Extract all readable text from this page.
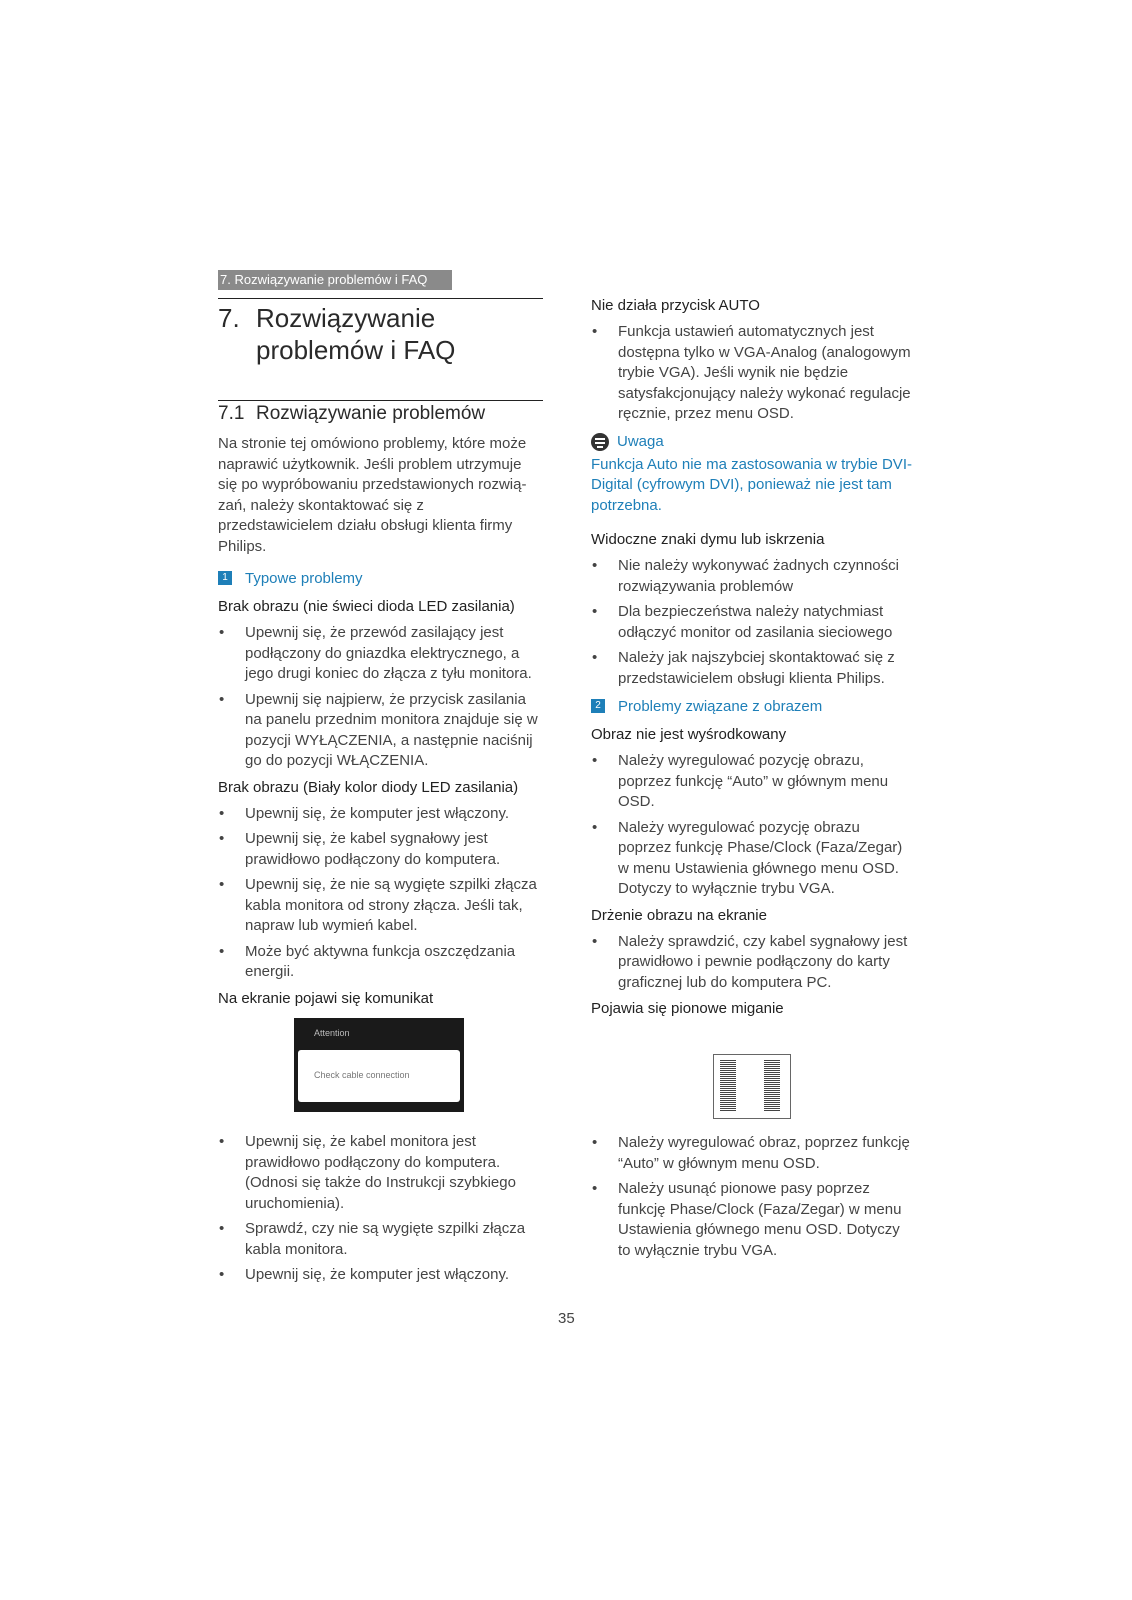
7. Rozwiązywanie problemów i FAQ
7. Rozwiązywanie
problemów i FAQ
7.1 Rozwiązywanie problemów

Na stronie tej omówiono problemy, które może naprawić użytkownik. Jeśli problem utrzymuje się po wypróbowaniu przedstawionych rozwią-zań, należy skontaktować się z przedstawicielem działu obsługi klienta firmy Philips.

1 Typowe problemy
Brak obrazu (nie świeci dioda LED zasilania)
• Upewnij się, że przewód zasilający jest podłączony do gniazdka elektrycznego, a jego drugi koniec do złącza z tyłu monitora.
• Upewnij się najpierw, że przycisk zasilania na panelu przednim monitora znajduje się w pozycji WYŁĄCZENIA, a następnie naciśnij go do pozycji WŁĄCZENIA.
Brak obrazu (Biały kolor diody LED zasilania)
• Upewnij się, że komputer jest włączony.
• Upewnij się, że kabel sygnałowy jest prawidłowo podłączony do komputera.
• Upewnij się, że nie są wygięte szpilki złącza kabla monitora od strony złącza. Jeśli tak, napraw lub wymień kabel.
• Może być aktywna funkcja oszczędzania energii.
Na ekranie pojawi się komunikat
Attention
Check cable connection
• Upewnij się, że kabel monitora jest prawidłowo podłączony do komputera. (Odnosi się także do Instrukcji szybkiego uruchomienia).
• Sprawdź, czy nie są wygięte szpilki złącza kabla monitora.
• Upewnij się, że komputer jest włączony.
Nie działa przycisk AUTO
• Funkcja ustawień automatycznych jest dostępna tylko w VGA-Analog (analogowym trybie VGA). Jeśli wynik nie będzie satysfakcjonujący należy wykonać regulacje ręcznie, przez menu OSD.
Uwaga

Funkcja Auto nie ma zastosowania w trybie DVI-Digital (cyfrowym DVI), ponieważ nie jest tam potrzebna.

Widoczne znaki dymu lub iskrzenia
• Nie należy wykonywać żadnych czynności rozwiązywania problemów
• Dla bezpieczeństwa należy natychmiast odłączyć monitor od zasilania sieciowego
• Należy jak najszybciej skontaktować się z przedstawicielem obsługi klienta Philips.
2 Problemy związane z obrazem
Obraz nie jest wyśrodkowany
• Należy wyregulować pozycję obrazu, poprzez funkcję “Auto” w głównym menu OSD.
• Należy wyregulować pozycję obrazu poprzez funkcję Phase/Clock (Faza/Zegar) w menu Ustawienia głównego menu OSD. Dotyczy to wyłącznie trybu VGA.
Drżenie obrazu na ekranie
• Należy sprawdzić, czy kabel sygnałowy jest prawidłowo i pewnie podłączony do karty graficznej lub do komputera PC.
Pojawia się pionowe miganie
• Należy wyregulować obraz, poprzez funkcję “Auto” w głównym menu OSD.
• Należy usunąć pionowe pasy poprzez funkcję Phase/Clock (Faza/Zegar) w menu Ustawienia głównego menu OSD. Dotyczy to wyłącznie trybu VGA.
35
